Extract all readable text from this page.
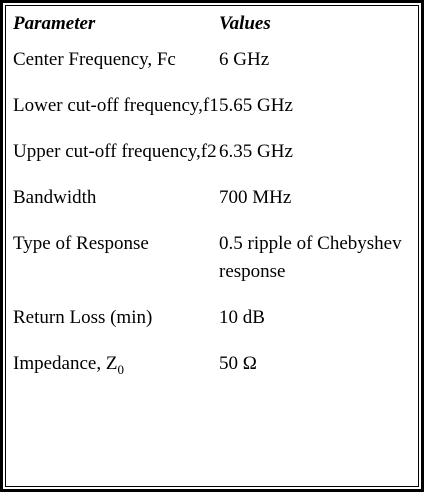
Parameter	Values
Center Frequency, Fc	6 GHz
Lower cut-off frequency,f1	5.65 GHz
Upper cut-off frequency,f2	6.35 GHz
Bandwidth	700 MHz
Type of Response	0.5 ripple of Chebyshev response
Return Loss (min)	10 dB
Impedance, $Z_0$	50 Ω
